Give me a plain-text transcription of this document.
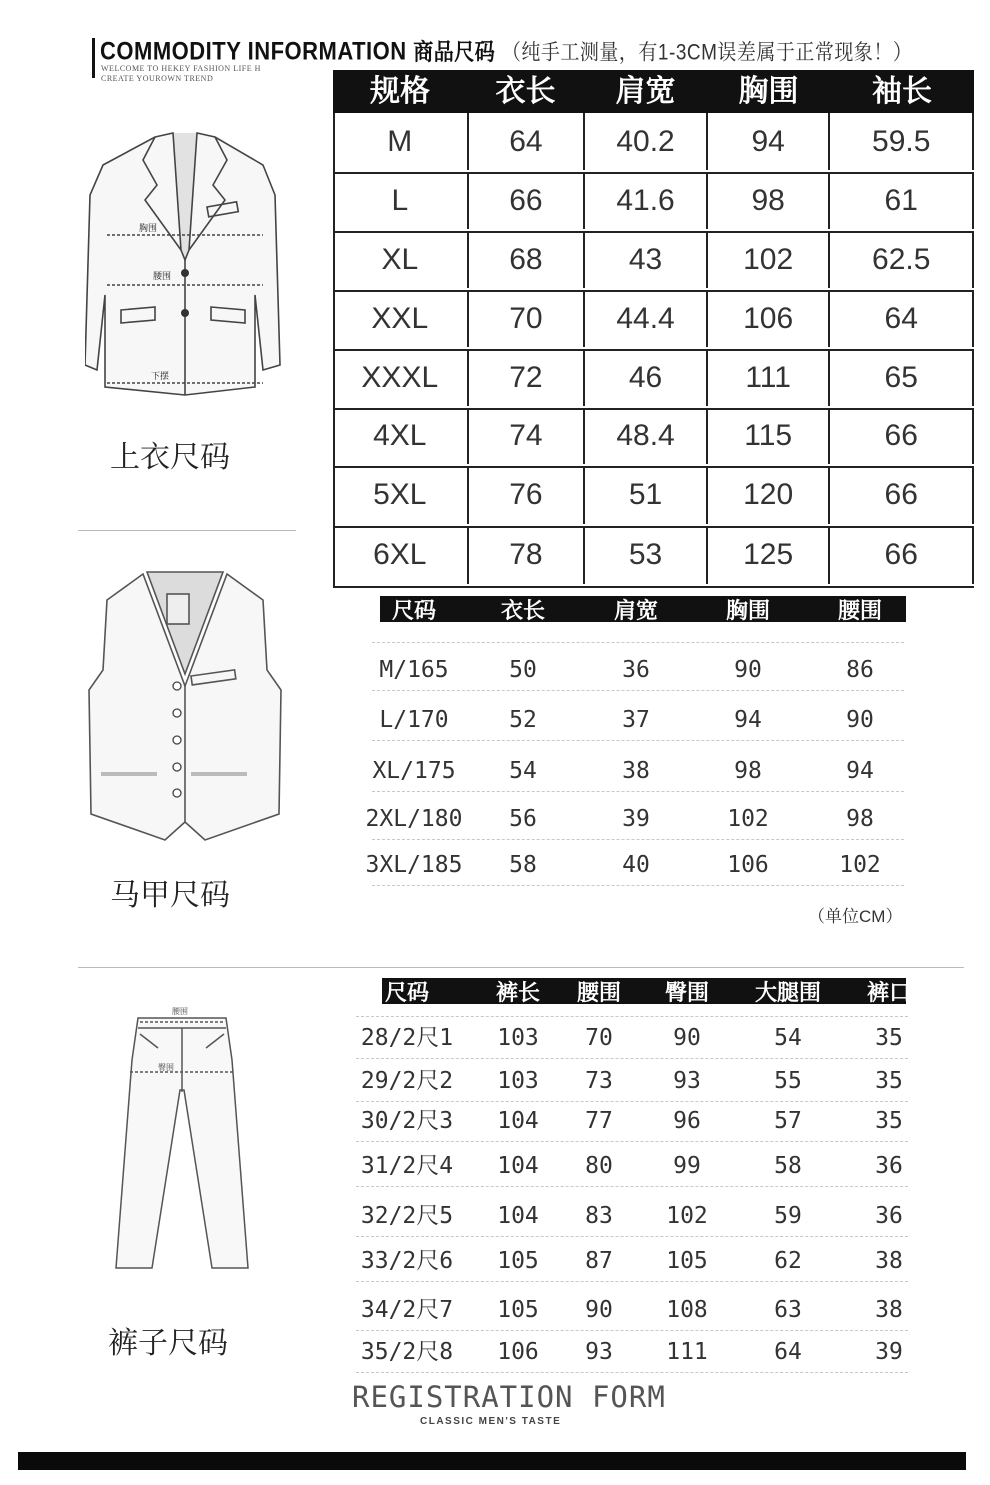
COMMODITY INFORMATION 商品尺码 （纯手工测量，有1-3CM误差属于正常现象！）
WELCOME TO HEKEY FASHION LIFE H
CREATE YOUROWN TREND
胸围
腰围
下摆
上衣尺码
规格	衣长	肩宽	胸围	袖长
M	64	40.2	94	59.5
L	66	41.6	98	61
XL	68	43	102	62.5
XXL	70	44.4	106	64
XXXL	72	46	111	65
4XL	74	48.4	115	66
5XL	76	51	120	66
6XL	78	53	125	66
马甲尺码
尺码	衣长	肩宽	胸围	腰围
M/165	50	36	90	86
L/170	52	37	94	90
XL/175	54	38	98	94
2XL/180	56	39	102	98
3XL/185	58	40	106	102
（单位CM）
腰围
臀围
裤子尺码
尺码	裤长	腰围	臀围	大腿围	裤口
28/2尺1	103	70	90	54	35
29/2尺2	103	73	93	55	35
30/2尺3	104	77	96	57	35
31/2尺4	104	80	99	58	36
32/2尺5	104	83	102	59	36
33/2尺6	105	87	105	62	38
34/2尺7	105	90	108	63	38
35/2尺8	106	93	111	64	39
REGISTRATION FORM
CLASSIC MEN'S TASTE
